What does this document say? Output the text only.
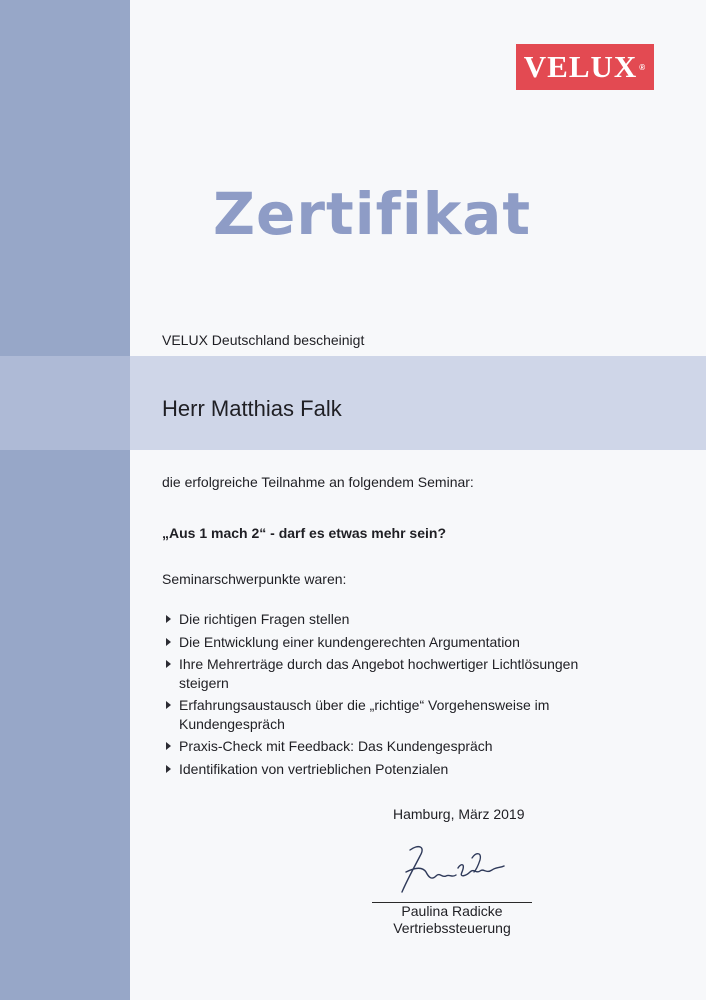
VELUX ®
Zertifikat
VELUX Deutschland bescheinigt
Herr Matthias Falk
die erfolgreiche Teilnahme an folgendem Seminar:
„Aus 1 mach 2“ - darf es etwas mehr sein?
Seminarschwerpunkte waren:
Die richtigen Fragen stellen
Die Entwicklung einer kundengerechten Argumentation
Ihre Mehrerträge durch das Angebot hochwertiger Lichtlösungen steigern
Erfahrungsaustausch über die „richtige“ Vorgehensweise im Kundengespräch
Praxis-Check mit Feedback: Das Kundengespräch
Identifikation von vertrieblichen Potenzialen
Hamburg, März 2019
Paulina Radicke
Vertriebssteuerung
